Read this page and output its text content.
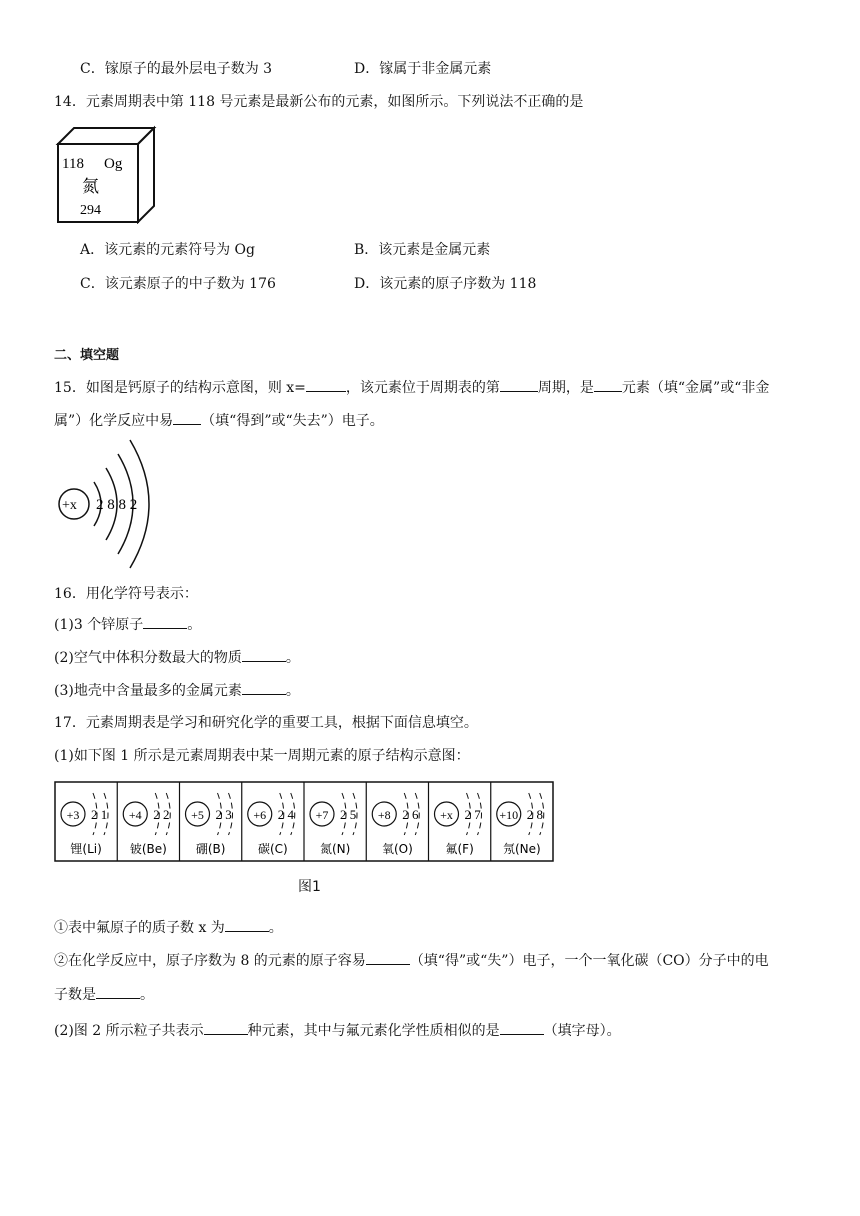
C．镓原子的最外层电子数为 3	D．镓属于非金属元素
14．元素周期表中第 118 号元素是最新公布的元素，如图所示。下列说法不正确的是
118 Og
氮
294
A．该元素的元素符号为 Og	B．该元素是金属元素
C．该元素原子的中子数为 176	D．该元素的原子序数为 118
二、填空题
15．如图是钙原子的结构示意图，则 x=	，该元素位于周期表的第	周期，是 元素（填“金属”或“非金
属”）化学反应中易 （填“得到”或“失去”）电子。
+x 2 8 8 2
16．用化学符号表示：
(1)3 个锌原子	。
(2)空气中体积分数最大的物质	。
(3)地壳中含量最多的金属元素	。
17．元素周期表是学习和研究化学的重要工具，根据下面信息填空。
(1)如下图 1 所示是元素周期表中某一周期元素的原子结构示意图：
+3 2 1
锂(Li)
+4 2 2
铍(Be)
+5 2 3
硼(B)
+6 2 4
碳(C)
+7 2 5
氮(N)
+8 2 6
氧(O)
+x 2 7
氟(F)
+10 2 8
氖(Ne)
图1
①表中氟原子的质子数 x 为	。
②在化学反应中，原子序数为 8 的元素的原子容易	（填“得”或“失”）电子，一个一氧化碳（CO）分子中的电
子数是	。
(2)图 2 所示粒子共表示	种元素，其中与氟元素化学性质相似的是	（填字母）。
